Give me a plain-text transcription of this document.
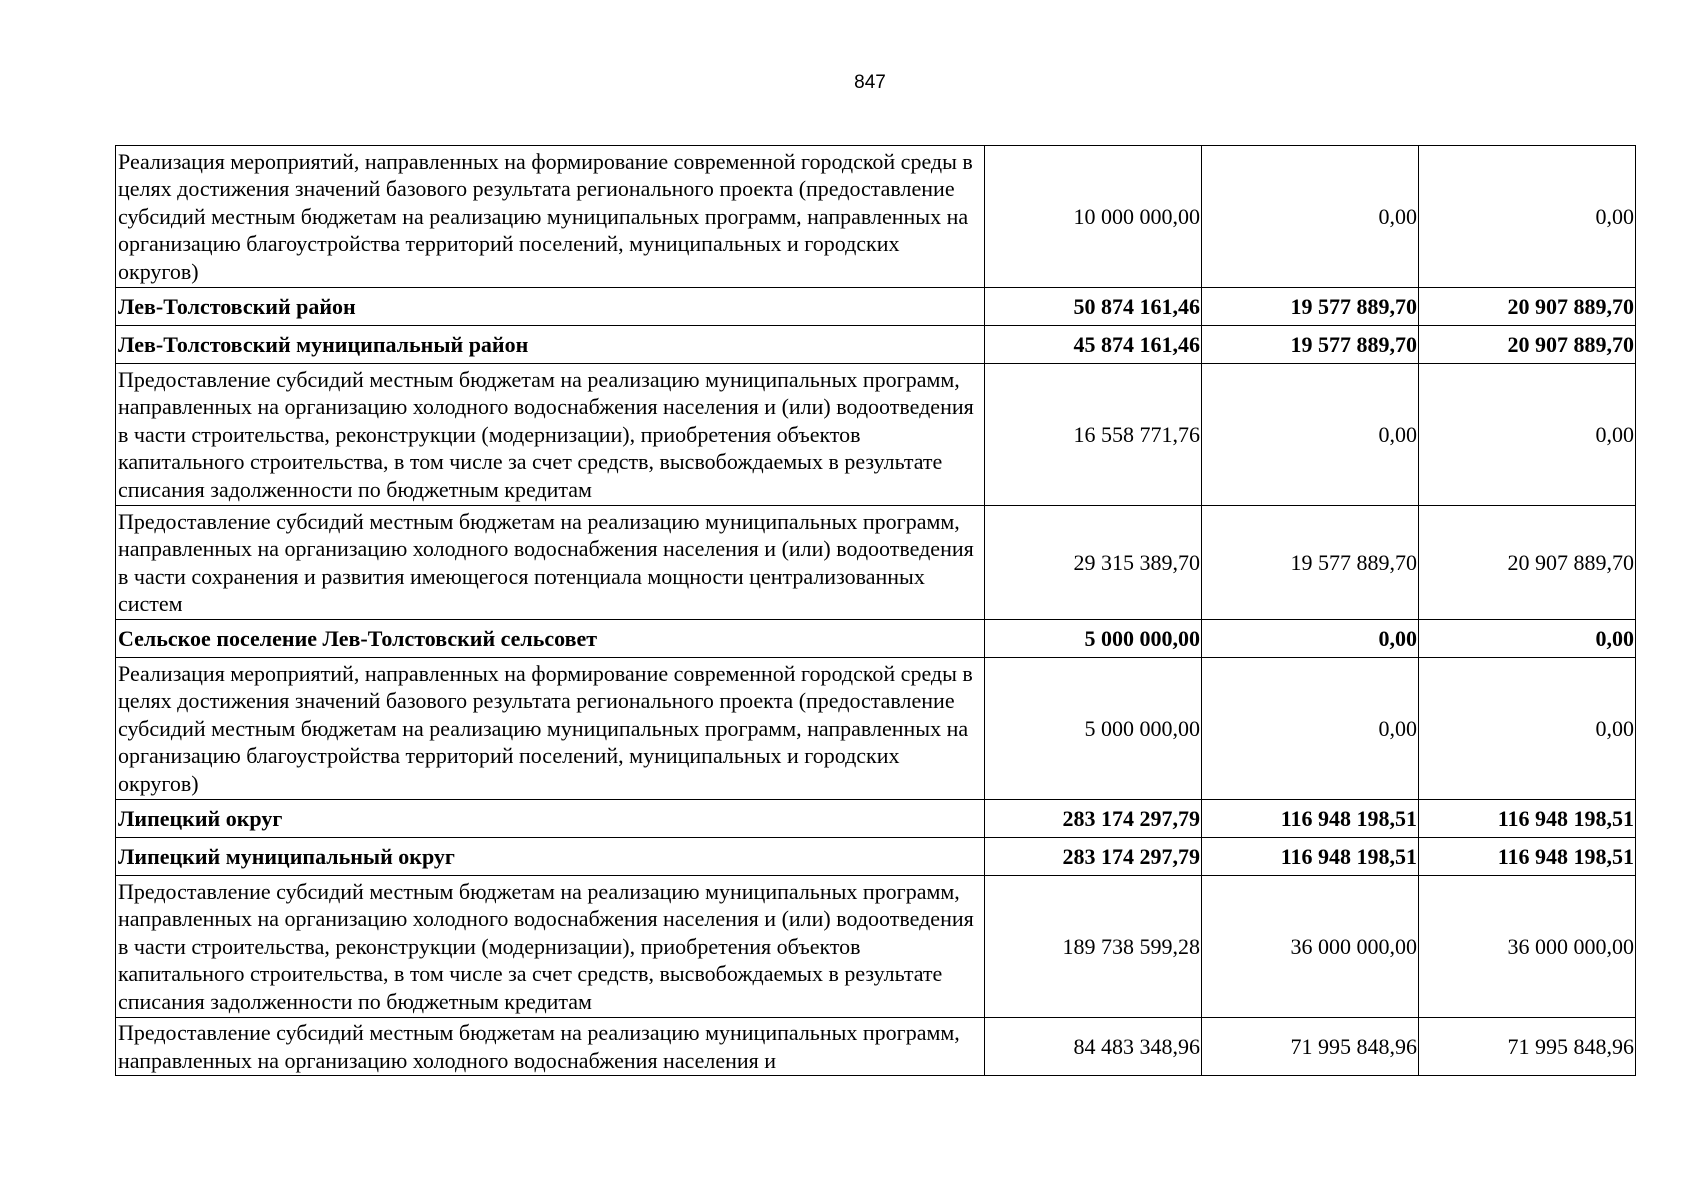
847
Реализация мероприятий, направленных на формирование современной городской среды в целях достижения значений базового результата регионального проекта (предоставление субсидий местным бюджетам на реализацию муниципальных программ, направленных на организацию благоустройства территорий поселений, муниципальных и городских округов)	10 000 000,00	0,00	0,00
Лев-Толстовский район	50 874 161,46	19 577 889,70	20 907 889,70
Лев-Толстовский муниципальный район	45 874 161,46	19 577 889,70	20 907 889,70
Предоставление субсидий местным бюджетам на реализацию муниципальных программ, направленных на организацию холодного водоснабжения населения и (или) водоотведения в части строительства, реконструкции (модернизации), приобретения объектов капитального строительства, в том числе за счет средств, высвобождаемых в результате списания задолженности по бюджетным кредитам	16 558 771,76	0,00	0,00
Предоставление субсидий местным бюджетам на реализацию муниципальных программ, направленных на организацию холодного водоснабжения населения и (или) водоотведения в части сохранения и развития имеющегося потенциала мощности централизованных систем	29 315 389,70	19 577 889,70	20 907 889,70
Сельское поселение Лев-Толстовский сельсовет	5 000 000,00	0,00	0,00
Реализация мероприятий, направленных на формирование современной городской среды в целях достижения значений базового результата регионального проекта (предоставление субсидий местным бюджетам на реализацию муниципальных программ, направленных на организацию благоустройства территорий поселений, муниципальных и городских округов)	5 000 000,00	0,00	0,00
Липецкий округ	283 174 297,79	116 948 198,51	116 948 198,51
Липецкий муниципальный округ	283 174 297,79	116 948 198,51	116 948 198,51
Предоставление субсидий местным бюджетам на реализацию муниципальных программ, направленных на организацию холодного водоснабжения населения и (или) водоотведения в части строительства, реконструкции (модернизации), приобретения объектов капитального строительства, в том числе за счет средств, высвобождаемых в результате списания задолженности по бюджетным кредитам	189 738 599,28	36 000 000,00	36 000 000,00
Предоставление субсидий местным бюджетам на реализацию муниципальных программ, направленных на организацию холодного водоснабжения населения и	84 483 348,96	71 995 848,96	71 995 848,96
